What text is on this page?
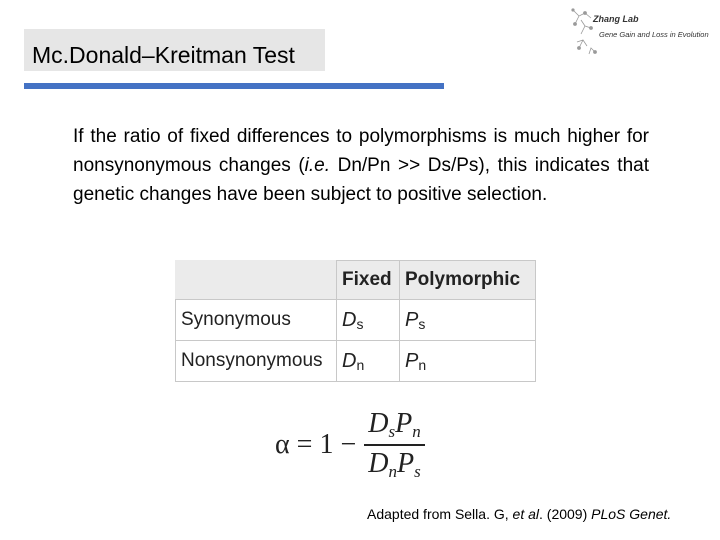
Mc.Donald–Kreitman Test
Zhang Lab
Gene Gain and Loss in Evolution

If the ratio of fixed differences to polymorphisms is much higher for nonsynonymous changes (i.e. Dn/Pn >> Ds/Ps), this indicates that genetic changes have been subject to positive selection.

	Fixed	Polymorphic
Synonymous	$D_s$	$P_s$
Nonsynonymous	$D_n$	$P_n$
$\alpha = 1 - \frac{\text{DsPn}}{\text{DnPs}}$
Adapted from Sella. G, et al. (2009) PLoS Genet.
